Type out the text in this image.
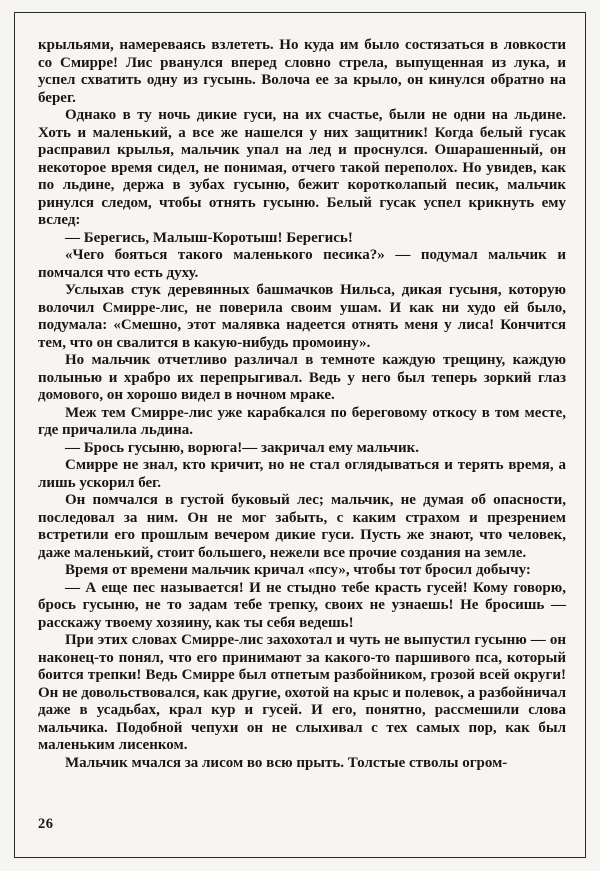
крыльями, намереваясь взлететь. Но куда им было состязаться в ловкости со Смирре! Лис рванулся вперед словно стрела, выпущенная из лука, и успел схватить одну из гусынь. Волоча ее за крыло, он кинулся обратно на берег.

Однако в ту ночь дикие гуси, на их счастье, были не одни на льдине. Хоть и маленький, а все же нашелся у них защитник! Когда белый гусак расправил крылья, мальчик упал на лед и проснулся. Ошарашенный, он некоторое время сидел, не понимая, отчего такой переполох. Но увидев, как по льдине, держа в зубах гусыню, бежит коротколапый песик, мальчик ринулся следом, чтобы отнять гусыню. Белый гусак успел крикнуть ему вслед:

— Берегись, Малыш-Коротыш! Берегись!

«Чего бояться такого маленького песика?» — подумал мальчик и помчался что есть духу.

Услыхав стук деревянных башмачков Нильса, дикая гусыня, которую волочил Смирре-лис, не поверила своим ушам. И как ни худо ей было, подумала: «Смешно, этот малявка надеется отнять меня у лиса! Кончится тем, что он свалится в какую-нибудь промоину».

Но мальчик отчетливо различал в темноте каждую трещину, каждую полынью и храбро их перепрыгивал. Ведь у него был теперь зоркий глаз домового, он хорошо видел в ночном мраке.

Меж тем Смирре-лис уже карабкался по береговому откосу в том месте, где причалила льдина.

— Брось гусыню, ворюга!— закричал ему мальчик.

Смирре не знал, кто кричит, но не стал оглядываться и терять время, а лишь ускорил бег.

Он помчался в густой буковый лес; мальчик, не думая об опасности, последовал за ним. Он не мог забыть, с каким страхом и презрением встретили его прошлым вечером дикие гуси. Пусть же знают, что человек, даже маленький, стоит большего, нежели все прочие создания на земле.

Время от времени мальчик кричал «псу», чтобы тот бросил добычу:

— А еще пес называется! И не стыдно тебе красть гусей! Кому говорю, брось гусыню, не то задам тебе трепку, своих не узнаешь! Не бросишь — расскажу твоему хозяину, как ты себя ведешь!

При этих словах Смирре-лис захохотал и чуть не выпустил гусыню — он наконец-то понял, что его принимают за какого-то паршивого пса, который боится трепки! Ведь Смирре был отпетым разбойником, грозой всей округи! Он не довольствовался, как другие, охотой на крыс и полевок, а разбойничал даже в усадьбах, крал кур и гусей. И его, понятно, рассмешили слова мальчика. Подобной чепухи он не слыхивал с тех самых пор, как был маленьким лисенком.

Мальчик мчался за лисом во всю прыть. Толстые стволы огром-

26
